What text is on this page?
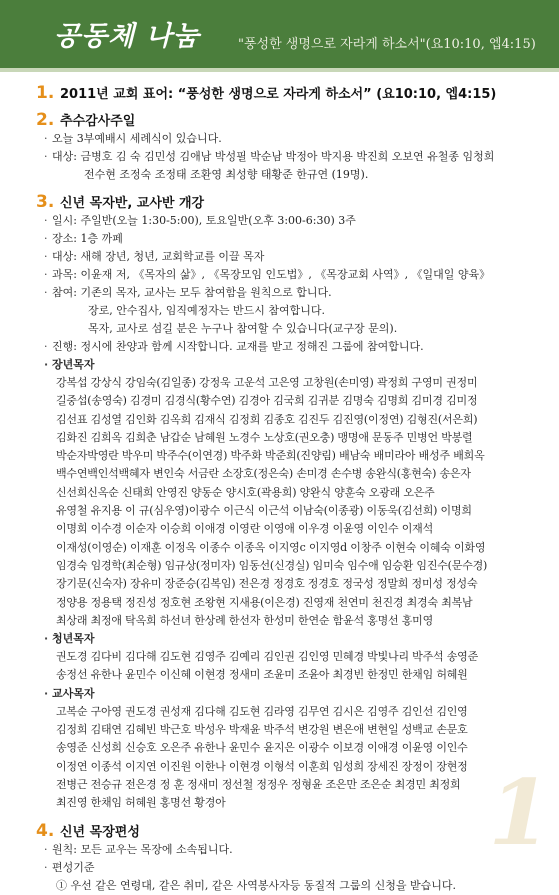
공동체 나눔	"풍성한 생명으로 자라게 하소서"(요10:10, 엡4:15)
1
1. 2011년 교회 표어: “풍성한 생명으로 자라게 하소서” (요10:10, 엡4:15)
2. 추수감사주일
· 오늘 3부예배시 세례식이 있습니다.
· 대상: 금병호 김 숙 김민성 김애남 박성필 박순남 박정아 박지용 박진희 오보연 유철종 임청희
전수현 조정숙 조정태 조환영 최성향 태황준 한규연 (19명).
3. 신년 목자반, 교사반 개강
· 일시: 주일반(오늘 1:30-5:00), 토요일반(오후 3:00-6:30) 3주
· 장소: 1층 까페
· 대상: 새해 장년, 청년, 교회학교를 이끌 목자
· 과목: 이윤재 저, 《목자의 삶》, 《목장모임 인도법》, 《목장교회 사역》, 《일대일 양육》
· 참여: 기존의 목자, 교사는 모두 참여함을 원칙으로 합니다.
장로, 안수집사, 임직예정자는 반드시 참여합니다.
목자, 교사로 섬길 분은 누구나 참여할 수 있습니다(교구장 문의).
· 진행: 정시에 찬양과 함께 시작합니다. 교재를 받고 정해진 그룹에 참여합니다.
· 장년목자
강복섭 강상식 강임숙(김일종) 강정욱 고운석 고은영 고창원(손미영) 곽정희 구영미 권정미
길중섭(송영숙) 김경미 김경식(황수연) 김경아 김국희 김귀분 김명숙 김명희 김미경 김미정
김선표 김성열 김인화 김옥희 김재식 김정희 김종호 김진두 김진영(이정연) 김형진(서은희)
김화진 김희옥 김희춘 남갑순 남혜원 노경수 노상호(권오충) 맹명애 문동주 민병언 박봉렬
박순자박영란 박우미 박주수(이연경) 박주화 박준희(진양림) 배남숙 배미라아 배성주 배희옥
백수연백인석백혜자 변인숙 서금란 소장호(정은숙) 손미경 손수병 송완식(홍현숙) 송은자
신선희신옥순 신태희 안영진 양동순 양시호(곽용희) 양완식 양훈숙 오광래 오은주
유영철 유지용 이 규(심우영)이광수 이근식 이근석 이남숙(이종광) 이동욱(김선희) 이명희
이명희 이수경 이순자 이승희 이애경 이영란 이영애 이우경 이윤영 이인수 이재석
이재성(이영순) 이재훈 이정옥 이종수 이종옥 이지영c 이지영d 이창주 이현숙 이혜숙 이화영
임경숙 임경학(최순형) 임규상(정미자) 임동선(신경실) 임미숙 임수애 임승환 임진수(문수경)
장기문(신숙자) 장유미 장준승(김복임) 전은경 정경호 정경호 정국성 정말희 정미성 정성숙
정양용 정용택 정진성 정호현 조왕현 지새용(이은경) 진영재 천연미 천진경 최경숙 최복남
최상래 최정애 탁옥희 하선녀 한상례 한선자 한성미 한연순 함윤석 홍명선 홍미영
· 청년목자
권도경 김다비 김다해 김도현 김영주 김예리 김인권 김인영 민혜경 박빛나리 박주석 송영준
송정선 유한나 윤민수 이신혜 이현경 정새미 조윤미 조윤아 최경빈 한정민 한채임 허혜원
· 교사목자
고복순 구아영 권도경 권성재 김다해 김도현 김라영 김무연 김시은 김영주 김인선 김인영
김정희 김태연 김혜빈 박근호 박성우 박재윤 박주석 변강원 변은애 변현일 성백교 손문호
송영준 신성희 신승호 오은주 유한나 윤민수 윤지은 이광수 이보경 이애경 이윤영 이인수
이정연 이종석 이지연 이진원 이한나 이현경 이형석 이훈희 임성희 장세진 장정이 장현정
전병근 전승규 전은경 정 훈 정새미 정선철 정정우 정형윤 조은만 조은순 최경민 최정희
최진영 한채임 허혜원 홍명선 황경아
4. 신년 목장편성
· 원칙: 모든 교우는 목장에 소속됩니다.
· 편성기준
① 우선 같은 연령대, 같은 취미, 같은 사역봉사자등 동질적 그룹의 신청을 받습니다.
